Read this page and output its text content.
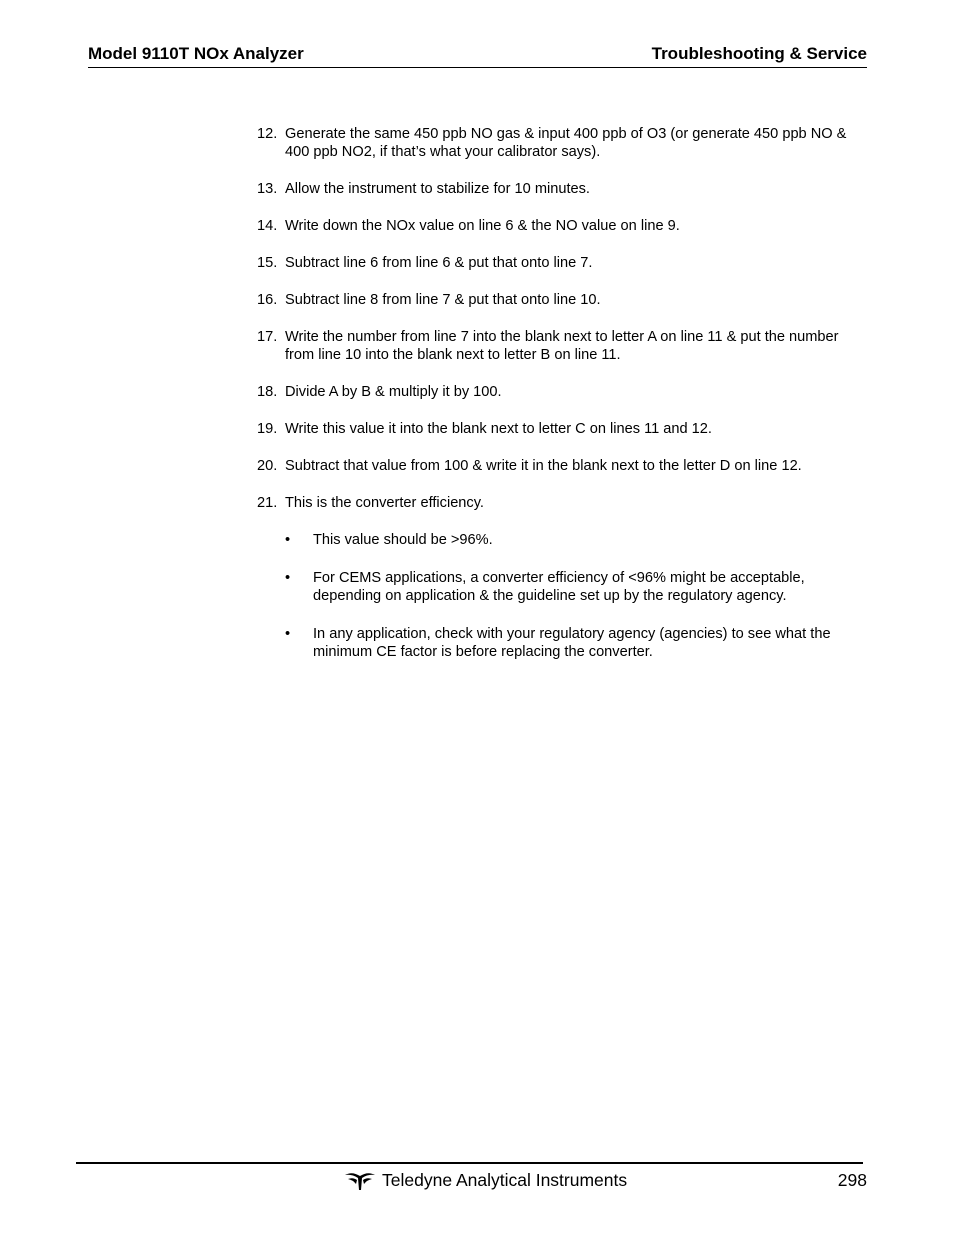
Model 9110T NOx Analyzer	Troubleshooting & Service
12. Generate the same 450 ppb NO gas & input 400 ppb of O3 (or generate 450 ppb NO & 400 ppb NO2, if that’s what your calibrator says).
13. Allow the instrument to stabilize for 10 minutes.
14. Write down the NOx value on line 6 & the NO value on line 9.
15. Subtract line 6 from line 6 & put that onto line 7.
16. Subtract line 8 from line 7 & put that onto line 10.
17. Write the number from line 7 into the blank next to letter A on line 11 & put the number from line 10 into the blank next to letter B on line 11.
18. Divide A by B & multiply it by 100.
19. Write this value it into the blank next to letter C on lines 11 and 12.
20. Subtract that value from 100 & write it in the blank next to the letter D on line 12.
21. This is the converter efficiency.
• This value should be >96%.
• For CEMS applications, a converter efficiency of <96% might be acceptable, depending on application & the guideline set up by the regulatory agency.
• In any application, check with your regulatory agency (agencies) to see what the minimum CE factor is before replacing the converter.
Teledyne Analytical Instruments	298
